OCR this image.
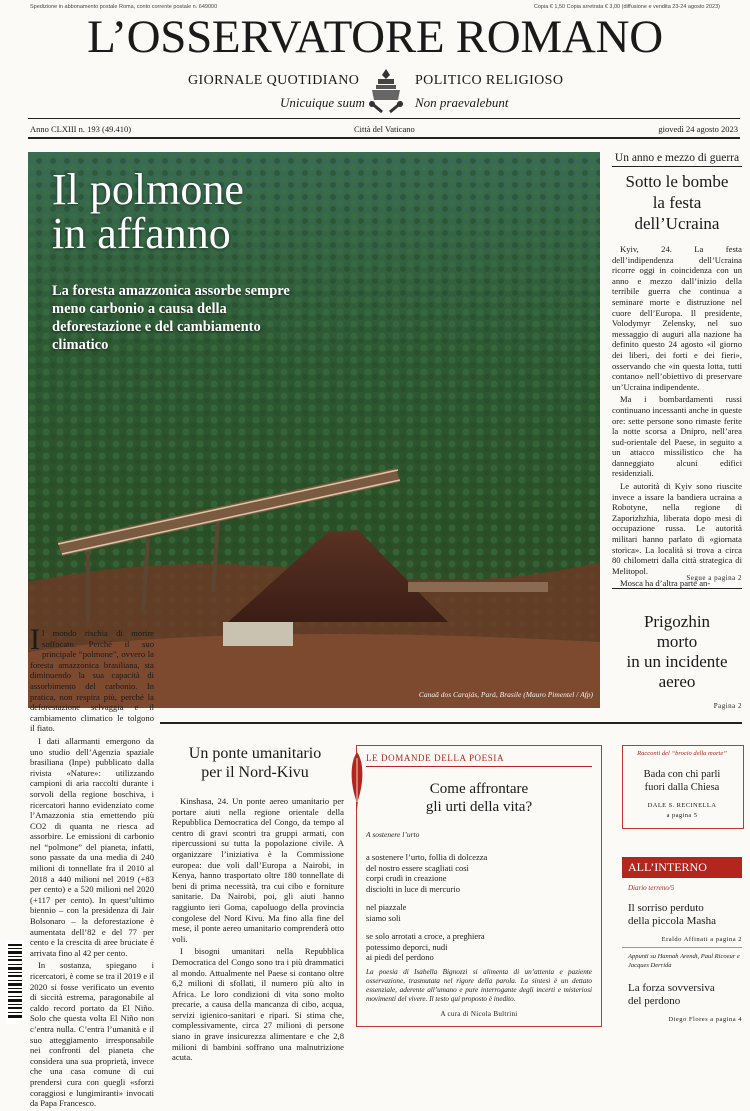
Spedizione in abbonamento postale Roma, conto corrente postale n. 649000	Copia € 1,50 Copia arretrata € 3,00 (diffusione e vendita 23-24 agosto 2023)
L’OSSERVATORE ROMANO
GIORNALE QUOTIDIANO	POLITICO RELIGIOSO
Unicuique suum	Non praevalebunt
Anno CLXIII n. 193 (49.410)	Città del Vaticano	giovedì 24 agosto 2023
Il polmone
in affanno
La foresta amazzonica assorbe sempre meno carbonio a causa della deforestazione e del cambiamento climatico
Canaã dos Carajás, Pará, Brasile (Mauro Pimentel / Afp)

Il mondo rischia di morire soffocato. Perché il suo principale “polmone”, ovvero la foresta amazzonica brasiliana, sta diminuendo la sua capacità di assorbimento del carbonio. In pratica, non respira più, perché la deforestazione selvaggia e il cambiamento climatico le tolgono il fiato.

I dati allarmanti emergono da uno studio dell’Agenzia spaziale brasiliana (Inpe) pubblicato dalla rivista «Nature»: utilizzando campioni di aria raccolti durante i sorvoli della regione boschiva, i ricercatori hanno evidenziato come l’Amazzonia stia emettendo più CO2 di quanta ne riesca ad assorbire. Le emissioni di carbonio nel “polmone” del pianeta, infatti, sono passate da una media di 240 milioni di tonnellate fra il 2010 al 2018 a 440 milioni nel 2019 (+83 per cento) e a 520 milioni nel 2020 (+117 per cento). In quest’ultimo biennio – con la presidenza di Jair Bolsonaro – la deforestazione è aumentata dell’82 e del 77 per cento e la crescita di aree bruciate è arrivata fino al 42 per cento.

In sostanza, spiegano i ricercatori, è come se tra il 2019 e il 2020 si fosse verificato un evento di siccità estrema, paragonabile al caldo record portato da El Niño. Solo che questa volta El Niño non c’entra nulla. C’entra l’umanità e il suo atteggiamento irresponsabile nei confronti del pianeta che considera una sua proprietà, invece che una casa comune di cui prendersi cura con quegli «sforzi coraggiosi e lungimiranti» invocati da Papa Francesco.

Un anno e mezzo di guerra
Sotto le bombe
la festa
dell’Ucraina

Kyiv, 24. La festa dell’indipendenza dell’Ucraina ricorre oggi in coincidenza con un anno e mezzo dall’inizio della terribile guerra che continua a seminare morte e distruzione nel cuore dell’Europa. Il presidente, Volodymyr Zelensky, nel suo messaggio di auguri alla nazione ha definito questo 24 agosto «il giorno dei liberi, dei forti e dei fieri», osservando che «in questa lotta, tutti contano» nell’obiettivo di preservare un’Ucraina indipendente.

Ma i bombardamenti russi continuano incessanti anche in queste ore: sette persone sono rimaste ferite la notte scorsa a Dnipro, nell’area sud-orientale del Paese, in seguito a un attacco missilistico che ha danneggiato alcuni edifici residenziali.

Le autorità di Kyiv sono riuscite invece a issare la bandiera ucraina a Robotyne, nella regione di Zaporizhzhia, liberata dopo mesi di occupazione russa. Le autorità militari hanno parlato di «giornata storica». La località si trova a circa 80 chilometri dalla città strategica di Melitopol.

Mosca ha d’altra parte an-

Segue a pagina 2
Prigozhin
morto
in un incidente
aereo
Pagina 2
Un ponte umanitario
per il Nord-Kivu

Kinshasa, 24. Un ponte aereo umanitario per portare aiuti nella regione orientale della Repubblica Democratica del Congo, da tempo al centro di gravi scontri tra gruppi armati, con ripercussioni su tutta la popolazione civile. A organizzare l’iniziativa è la Commissione europea: due voli dall’Europa a Nairobi, in Kenya, hanno trasportato oltre 180 tonnellate di beni di prima necessità, tra cui cibo e forniture sanitarie. Da Nairobi, poi, gli aiuti hanno raggiunto ieri Goma, capoluogo della provincia congolese del Nord Kivu. Ma fino alla fine del mese, il ponte aereo umanitario comprenderà otto voli.

I bisogni umanitari nella Repubblica Democratica del Congo sono tra i più drammatici al mondo. Attualmente nel Paese si contano oltre 6,2 milioni di sfollati, il numero più alto in Africa. Le loro condizioni di vita sono molto precarie, a causa della mancanza di cibo, acqua, servizi igienico-sanitari e ripari. Si stima che, complessivamente, circa 27 milioni di persone siano in grave insicurezza alimentare e che 2,8 milioni di bambini soffrano una malnutrizione acuta.

LE DOMANDE DELLA POESIA
Come affrontare
gli urti della vita?
A sostenere l’urto
a sostenere l’urto, follia di dolcezza
del nostro essere scagliati così
corpi crudi in creazione
disciolti in luce di mercurio
nel piazzale
siamo soli
se solo arrotati a croce, a preghiera
potessimo deporci, nudi
ai piedi del perdono
La poesia di Isabella Bignozzi si alimenta di un’attenta e paziente osservazione, trasmutata nel rigore della parola. La sintesi è un dettato essenziale, aderente all’umano e pure interrogante degli incerti e misteriosi movimenti del vivere. Il testo qui proposto è inedito.
A cura di Nicola Bultrini
Racconti del “brocio della morte”
Bada con chi parli
fuori dalla Chiesa
DALE S. RECINELLA
a pagina 5
ALL’INTERNO
Diario terreno/5
Il sorriso perduto
della piccola Masha
Eraldo Affinati a pagina 2
Appunti su Hannah Arendt, Paul Ricoeur e Jacques Derrida
La forza sovversiva
del perdono
Diego Flores a pagina 4
